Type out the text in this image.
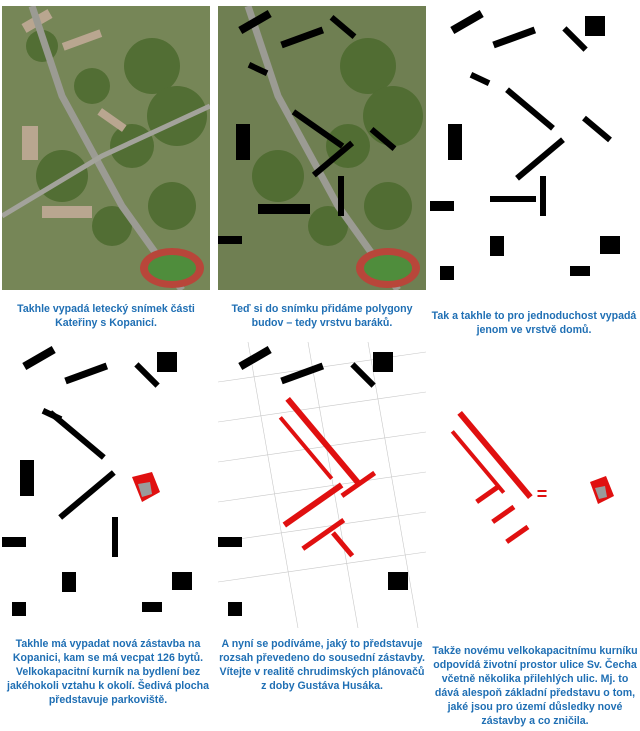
=
Takhle vypadá letecký snímek části Kateřiny s Kopanicí.
Teď si do snímku přidáme polygony budov – tedy vrstvu baráků.
Tak a takhle to pro jednoduchost vypadá jenom ve vrstvě domů.
Takhle má vypadat nová zástavba na Kopanici, kam se má vecpat 126 bytů. Velkokapacitní kurník na bydlení bez jakéhokoli vztahu k okolí. Šedivá plocha představuje parkoviště.
A nyní se podíváme, jaký to představuje rozsah převedeno do sousední zástavby. Vítejte v realitě chrudimských plánovačů z doby Gustáva Husáka.
Takže novému velkokapacitnímu kurníku odpovídá životní prostor ulice Sv. Čecha včetně několika přilehlých ulic. Mj. to dává alespoň základní představu o tom, jaké jsou pro území důsledky nové zástavby a co zničila.
